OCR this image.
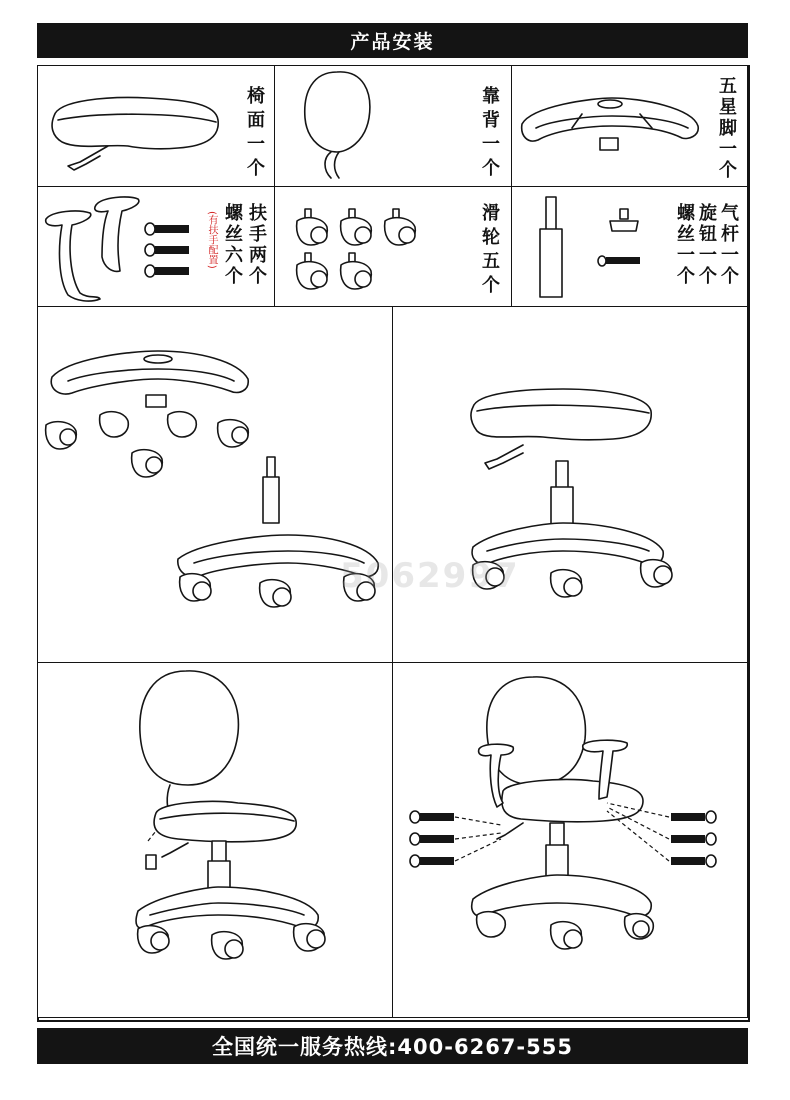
产品安装
椅面一个	靠背一个	五星脚一个
(有扶手配置) 螺丝六个 扶手两个	滑轮五个	螺丝一个 旋钮一个 气杆一个
5062997
全国统一服务热线:400-6267-555
